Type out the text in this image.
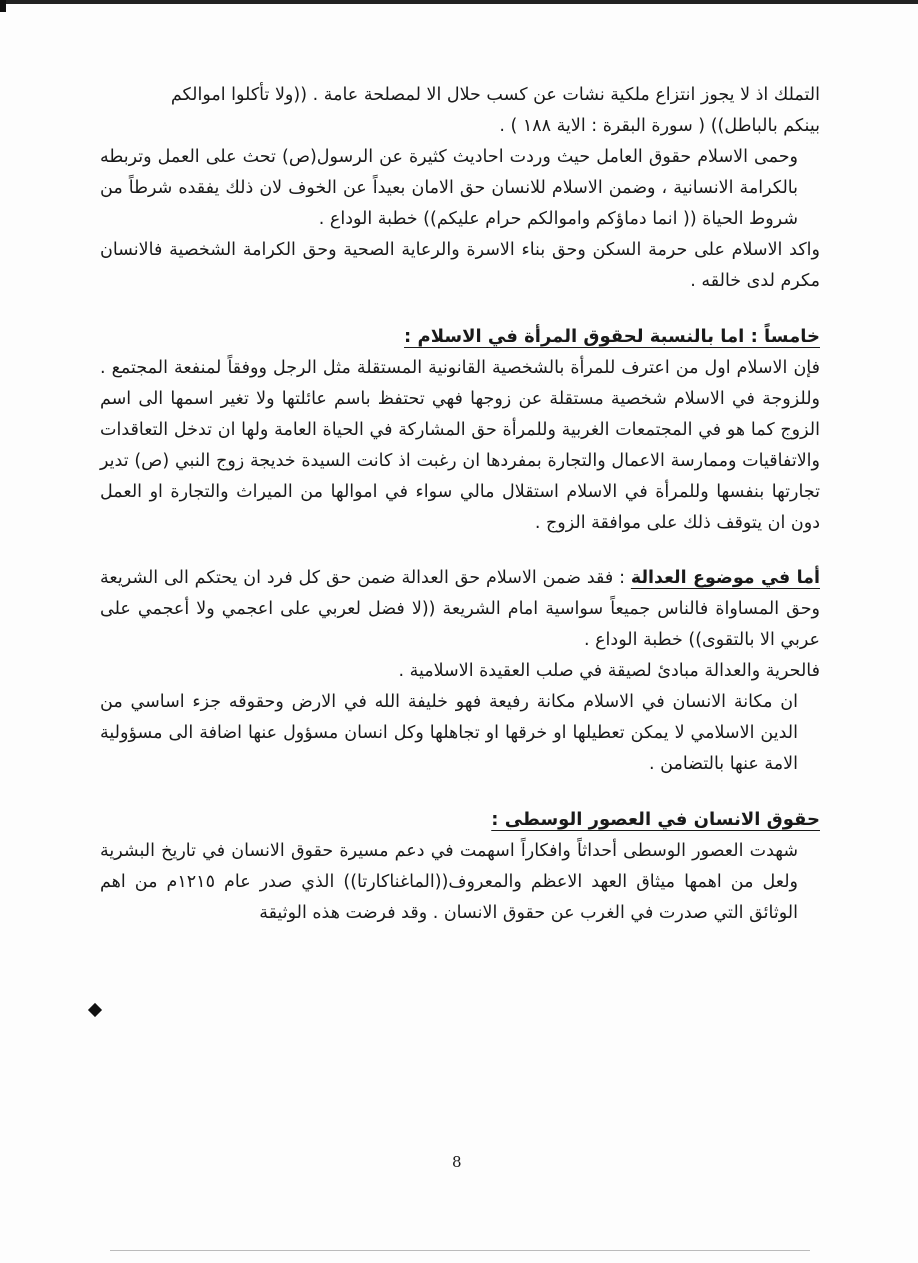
التملك اذ لا يجوز انتزاع ملكية نشات عن كسب حلال الا لمصلحة عامة . ((ولا تأكلوا اموالكم

بينكم بالباطل)) ( سورة البقرة : الاية ١٨٨ ) .

وحمى الاسلام حقوق العامل حيث وردت احاديث كثيرة عن الرسول(ص) تحث على العمل وتربطه بالكرامة الانسانية ، وضمن الاسلام للانسان حق الامان بعيداً عن الخوف لان ذلك يفقده شرطاً من شروط الحياة (( انما دماؤكم واموالكم حرام عليكم)) خطبة الوداع .

واكد الاسلام على حرمة السكن وحق بناء الاسرة والرعاية الصحية وحق الكرامة الشخصية فالانسان مكرم لدى خالقه .

خامساً : اما بالنسبة لحقوق المرأة في الاسلام :

فإن الاسلام اول من اعترف للمرأة بالشخصية القانونية المستقلة مثل الرجل ووفقاً لمنفعة المجتمع . وللزوجة في الاسلام شخصية مستقلة عن زوجها فهي تحتفظ باسم عائلتها ولا تغير اسمها الى اسم الزوج كما هو في المجتمعات الغربية وللمرأة حق المشاركة في الحياة العامة ولها ان تدخل التعاقدات والاتفاقيات وممارسة الاعمال والتجارة بمفردها ان رغبت اذ كانت السيدة خديجة زوج النبي (ص) تدير تجارتها بنفسها وللمرأة في الاسلام استقلال مالي سواء في اموالها من الميراث والتجارة او العمل دون ان يتوقف ذلك على موافقة الزوج .

أما في موضوع العدالة : فقد ضمن الاسلام حق العدالة ضمن حق كل فرد ان يحتكم الى الشريعة وحق المساواة فالناس جميعاً سواسية امام الشريعة ((لا فضل لعربي على اعجمي ولا أعجمي على عربي الا بالتقوى)) خطبة الوداع .

فالحرية والعدالة مبادئ لصيقة في صلب العقيدة الاسلامية .

ان مكانة الانسان في الاسلام مكانة رفيعة فهو خليفة الله في الارض وحقوقه جزء اساسي من الدين الاسلامي لا يمكن تعطيلها او خرقها او تجاهلها وكل انسان مسؤول عنها اضافة الى مسؤولية الامة عنها بالتضامن .

حقوق الانسان في العصور الوسطى :

شهدت العصور الوسطى أحداثاً وافكاراً اسهمت في دعم مسيرة حقوق الانسان في تاريخ البشرية ولعل من اهمها ميثاق العهد الاعظم والمعروف((الماغناكارتا)) الذي صدر عام ١٢١٥م من اهم الوثائق التي صدرت في الغرب عن حقوق الانسان . وقد فرضت هذه الوثيقة

8
